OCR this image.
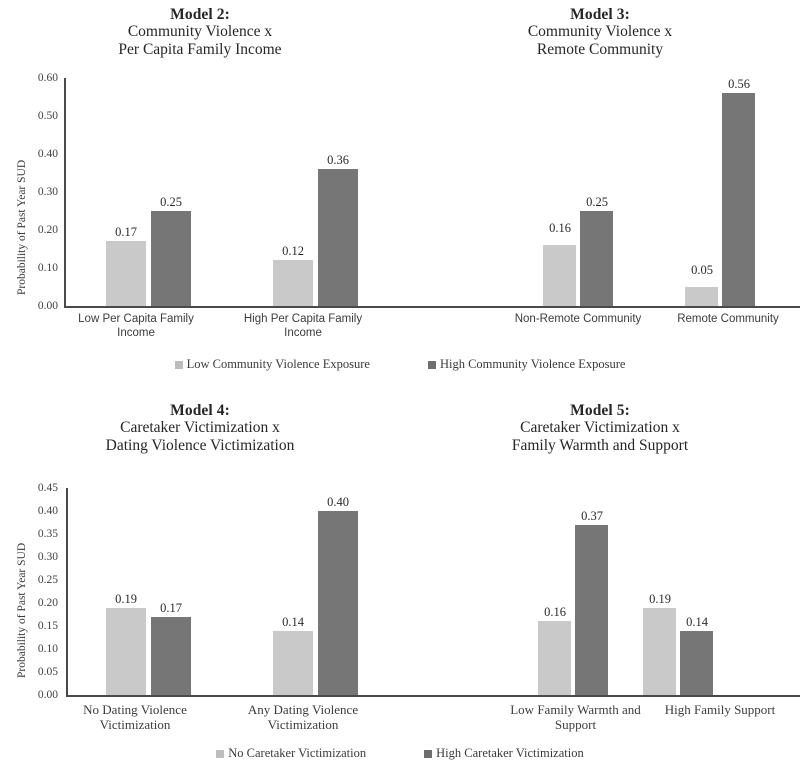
Model 2:
Community Violence x
Per Capita Family Income
Probability of Past Year SUD
0.60
0.50
0.40
0.30
0.20
0.10
0.00
0.17
0.25
0.12
0.36
Low Per Capita Family
Income
High Per Capita Family
Income
Model 3:
Community Violence x
Remote Community
0.16
0.25
0.05
0.56
Non-Remote Community	Remote Community
Low Community Violence Exposure	High Community Violence Exposure
Model 4:
Caretaker Victimization x
Dating Violence Victimization
Probability of Past Year SUD
0.45
0.40
0.35
0.30
0.25
0.20
0.15
0.10
0.05
0.00
0.19
0.17
0.14
0.40
No Dating Violence
Victimization
Any Dating Violence
Victimization
Model 5:
Caretaker Victimization x
Family Warmth and Support
0.16
0.37
0.19
0.14
Low Family Warmth and
Support
High Family Support
No Caretaker Victimization	High Caretaker Victimization
